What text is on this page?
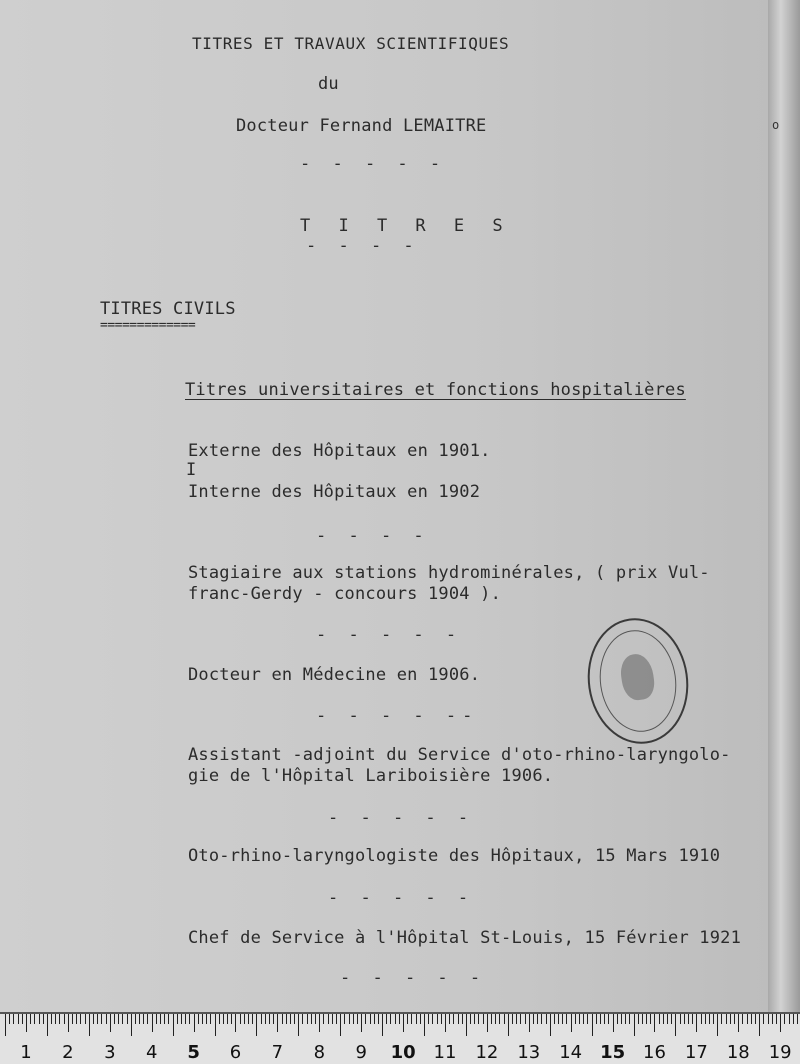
TITRES ET TRAVAUX SCIENTIFIQUES

du

Docteur Fernand LEMAITRE

- - - - -

T I T R E S

- - - -

TITRES CIVILS

=============

Titres universitaires et fonctions hospitalières

Externe des Hôpitaux en 1901.

I

Interne des Hôpitaux en 1902

- - - -

Stagiaire aux stations hydrominérales, ( prix Vul-

franc-Gerdy - concours 1904 ).

- - - - -

Docteur en Médecine en 1906.

- - - - --

Assistant -adjoint du Service d'oto-rhino-laryngolo-

gie de l'Hôpital Lariboisière 1906.

- - - - -

Oto-rhino-laryngologiste des Hôpitaux, 15 Mars 1910

- - - - -

Chef de Service à l'Hôpital St-Louis, 15 Février 1921

- - - - -

o
1 2 3 4 5 6 7 8 9 10 11 12 13 14 15 16 17 18 19
